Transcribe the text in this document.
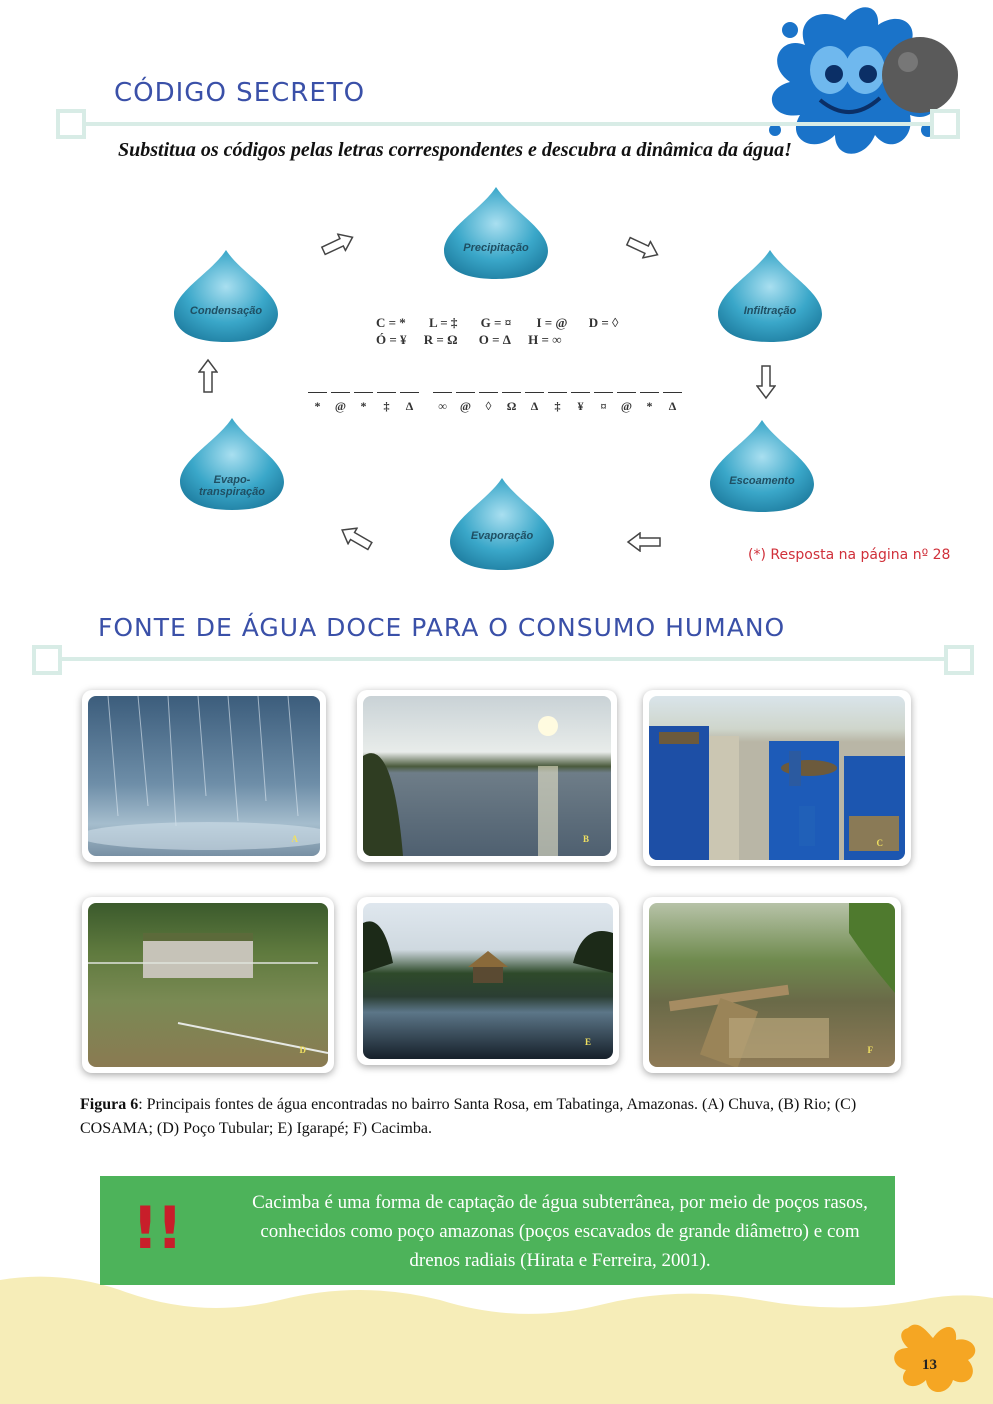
CÓDIGO SECRETO
Substitua os códigos pelas letras correspondentes e descubra a dinâmica da água!
Precipitação
Infiltração
Escoamento
Evaporação
Evapo-
transpiração
Condensação
C = * L = ‡ G = ¤ I = @ D = ◊
Ó = ¥ R = Ω O = Δ H = ∞
*	@	*	‡	Δ	∞	@	◊	Ω	Δ	‡	¥	¤	@	*	Δ
(*) Resposta na página nº 28
FONTE DE ÁGUA DOCE PARA O CONSUMO HUMANO
A	B	C
D
E
F
Figura 6: Principais fontes de água encontradas no bairro Santa Rosa, em Tabatinga, Amazonas. (A) Chuva, (B) Rio; (C) COSAMA; (D) Poço Tubular; E) Igarapé; F) Cacimba.
!!	Cacimba é uma forma de captação de água subterrânea, por meio de poços rasos, conhecidos como poço amazonas (poços escavados de grande diâmetro) e com drenos radiais (Hirata e Ferreira, 2001).
13
